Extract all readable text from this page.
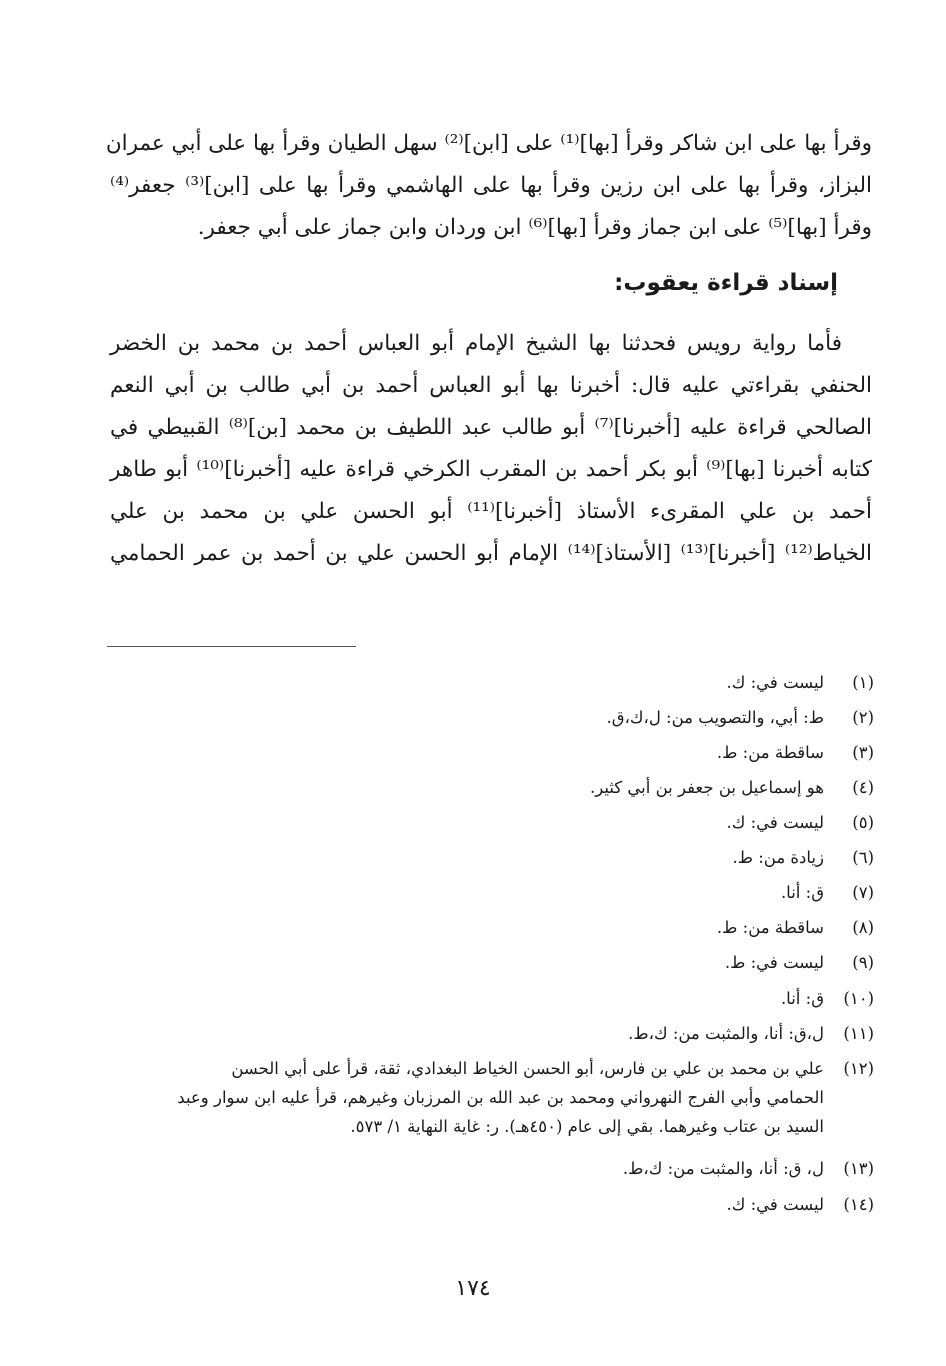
وقرأ بها على ابن شاكر وقرأ [بها]⁽¹⁾ على [ابن]⁽²⁾ سهل الطيان وقرأ بها على أبي عمران
البزاز، وقرأ بها على ابن رزين وقرأ بها على الهاشمي وقرأ بها على [ابن]⁽³⁾ جعفر⁽⁴⁾
وقرأ [بها]⁽⁵⁾ على ابن جماز وقرأ [بها]⁽⁶⁾ ابن وردان وابن جماز على أبي جعفر.
إسناد قراءة يعقوب:
فأما رواية رويس فحدثنا بها الشيخ الإمام أبو العباس أحمد بن محمد بن الخضر
الحنفي بقراءتي عليه قال: أخبرنا بها أبو العباس أحمد بن أبي طالب بن أبي النعم
الصالحي قراءة عليه [أخبرنا]⁽⁷⁾ أبو طالب عبد اللطيف بن محمد [بن]⁽⁸⁾ القبيطي في
كتابه أخبرنا [بها]⁽⁹⁾ أبو بكر أحمد بن المقرب الكرخي قراءة عليه [أخبرنا]⁽¹⁰⁾ أبو طاهر
أحمد بن علي المقرىء الأستاذ [أخبرنا]⁽¹¹⁾ أبو الحسن علي بن محمد بن علي
الخياط⁽¹²⁾ [أخبرنا]⁽¹³⁾ [الأستاذ]⁽¹⁴⁾ الإمام أبو الحسن علي بن أحمد بن عمر الحمامي
(١)ليست في: ك.
(٢)ط: أبي، والتصويب من: ل،ك،ق.
(٣)ساقطة من: ط.
(٤)هو إسماعيل بن جعفر بن أبي كثير.
(٥)ليست في: ك.
(٦)زيادة من: ط.
(٧)ق: أنا.
(٨)ساقطة من: ط.
(٩)ليست في: ط.
(١٠)ق: أنا.
(١١)ل،ق: أنا، والمثبت من: ك،ط.
(١٢)علي بن محمد بن علي بن فارس، أبو الحسن الخياط البغدادي، ثقة، قرأ على أبي الحسن
الحمامي وأبي الفرج النهرواني ومحمد بن عبد الله بن المرزبان وغيرهم، قرأ عليه ابن سوار وعبد
السيد بن عتاب وغيرهما. بقي إلى عام (٤٥٠هـ). ر: غاية النهاية ١/ ٥٧٣.
(١٣)ل، ق: أنا، والمثبت من: ك،ط.
(١٤)ليست في: ك.
١٧٤
